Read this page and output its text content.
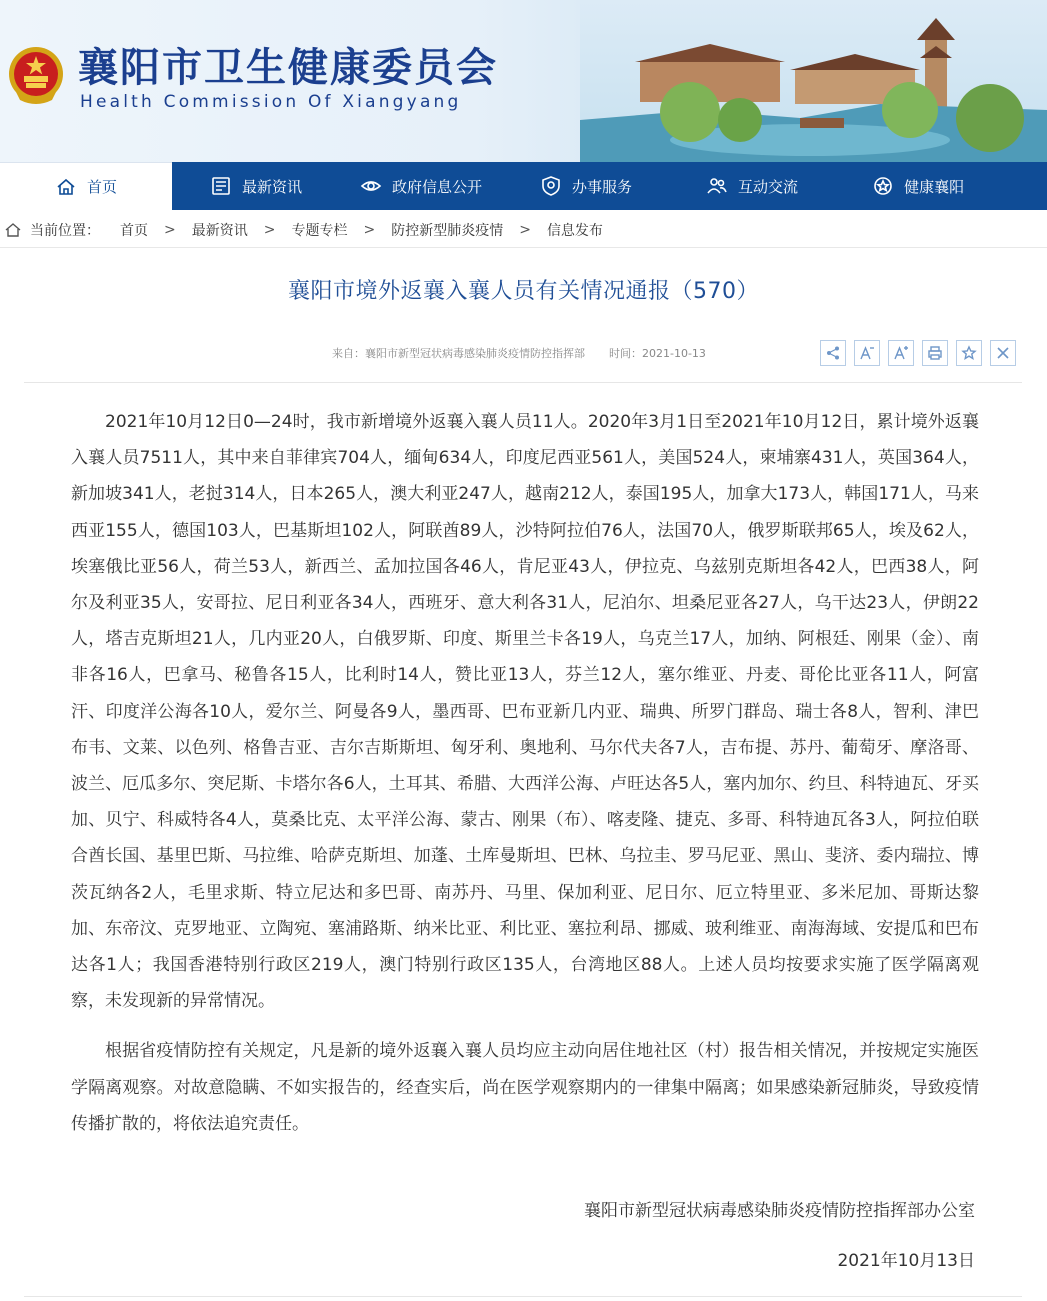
襄阳市卫生健康委员会
Health Commission Of Xiangyang
首页	最新资讯	政府信息公开	办事服务	互动交流	健康襄阳
当前位置： 首页 > 最新资讯 > 专题专栏 > 防控新型肺炎疫情 > 信息发布
襄阳市境外返襄入襄人员有关情况通报（570）
来自：襄阳市新型冠状病毒感染肺炎疫情防控指挥部 时间：2021-10-13

2021年10月12日0—24时，我市新增境外返襄入襄人员11人。2020年3月1日至2021年10月12日，累计境外返襄入襄人员7511人，其中来自菲律宾704人，缅甸634人，印度尼西亚561人，美国524人，柬埔寨431人，英国364人，新加坡341人，老挝314人，日本265人，澳大利亚247人，越南212人，泰国195人，加拿大173人，韩国171人，马来西亚155人，德国103人，巴基斯坦102人，阿联酋89人，沙特阿拉伯76人，法国70人，俄罗斯联邦65人，埃及62人，埃塞俄比亚56人，荷兰53人，新西兰、孟加拉国各46人，肯尼亚43人，伊拉克、乌兹别克斯坦各42人，巴西38人，阿尔及利亚35人，安哥拉、尼日利亚各34人，西班牙、意大利各31人，尼泊尔、坦桑尼亚各27人，乌干达23人，伊朗22人，塔吉克斯坦21人，几内亚20人，白俄罗斯、印度、斯里兰卡各19人，乌克兰17人，加纳、阿根廷、刚果（金）、南非各16人，巴拿马、秘鲁各15人，比利时14人，赞比亚13人，芬兰12人，塞尔维亚、丹麦、哥伦比亚各11人，阿富汗、印度洋公海各10人，爱尔兰、阿曼各9人，墨西哥、巴布亚新几内亚、瑞典、所罗门群岛、瑞士各8人，智利、津巴布韦、文莱、以色列、格鲁吉亚、吉尔吉斯斯坦、匈牙利、奥地利、马尔代夫各7人，吉布提、苏丹、葡萄牙、摩洛哥、波兰、厄瓜多尔、突尼斯、卡塔尔各6人，土耳其、希腊、大西洋公海、卢旺达各5人，塞内加尔、约旦、科特迪瓦、牙买加、贝宁、科威特各4人，莫桑比克、太平洋公海、蒙古、刚果（布）、喀麦隆、捷克、多哥、科特迪瓦各3人，阿拉伯联合酋长国、基里巴斯、马拉维、哈萨克斯坦、加蓬、土库曼斯坦、巴林、乌拉圭、罗马尼亚、黑山、斐济、委内瑞拉、博茨瓦纳各2人，毛里求斯、特立尼达和多巴哥、南苏丹、马里、保加利亚、尼日尔、厄立特里亚、多米尼加、哥斯达黎加、东帝汶、克罗地亚、立陶宛、塞浦路斯、纳米比亚、利比亚、塞拉利昂、挪威、玻利维亚、南海海域、安提瓜和巴布达各1人；我国香港特别行政区219人，澳门特别行政区135人，台湾地区88人。上述人员均按要求实施了医学隔离观察，未发现新的异常情况。

根据省疫情防控有关规定，凡是新的境外返襄入襄人员均应主动向居住地社区（村）报告相关情况，并按规定实施医学隔离观察。对故意隐瞒、不如实报告的，经查实后，尚在医学观察期内的一律集中隔离；如果感染新冠肺炎，导致疫情传播扩散的，将依法追究责任。

襄阳市新型冠状病毒感染肺炎疫情防控指挥部办公室
2021年10月13日
